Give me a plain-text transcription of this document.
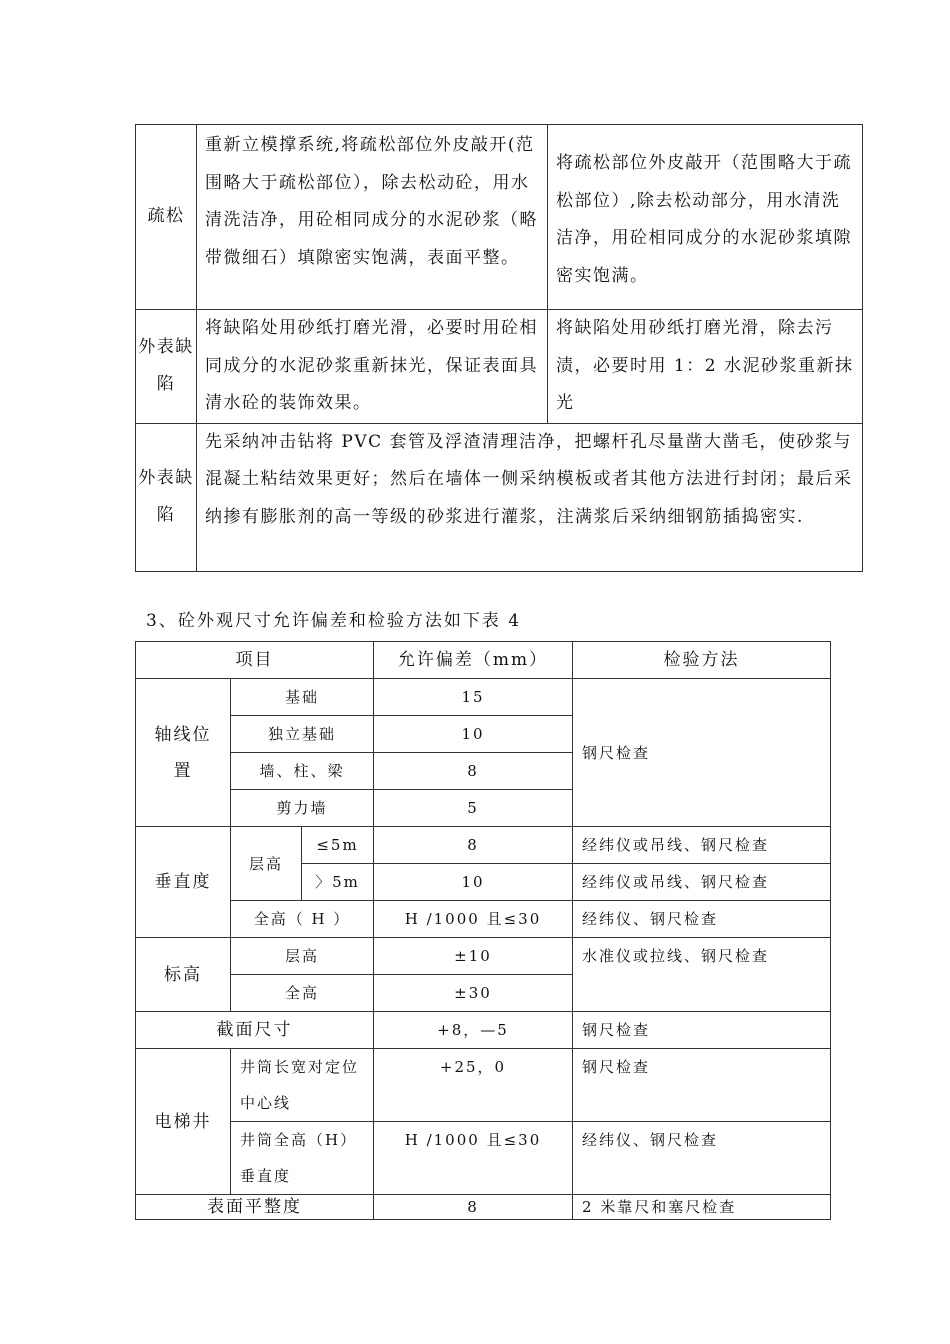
疏松	重新立模撑系统,将疏松部位外皮敲开(范围略大于疏松部位），除去松动砼，用水清洗洁净，用砼相同成分的水泥砂浆（略带微细石）填隙密实饱满，表面平整。	将疏松部位外皮敲开（范围略大于疏松部位）,除去松动部分，用水清洗洁净，用砼相同成分的水泥砂浆填隙密实饱满。
外表缺陷	将缺陷处用砂纸打磨光滑，必要时用砼相同成分的水泥砂浆重新抹光，保证表面具清水砼的装饰效果。	将缺陷处用砂纸打磨光滑，除去污渍，必要时用 1：2 水泥砂浆重新抹光
外表缺陷	先采纳冲击钻将 PVC 套管及浮渣清理洁净，把螺杆孔尽量凿大凿毛，使砂浆与混凝土粘结效果更好；然后在墙体一侧采纳模板或者其他方法进行封闭；最后采纳掺有膨胀剂的高一等级的砂浆进行灌浆，注满浆后采纳细钢筋插捣密实.	
3、砼外观尺寸允许偏差和检验方法如下表 4
项目			允许偏差（mm）	检验方法
轴线位置	基础		15	钢尺检查
	独立基础		10	
	墙、柱、梁		8	
	剪力墙		5	
垂直度	层高	≤5m	8	经纬仪或吊线、钢尺检查
		〉5m	10	经纬仪或吊线、钢尺检查
	全高（ H ）		H /1000 且≤30	经纬仪、钢尺检查
标高	层高		±10	水准仪或拉线、钢尺检查
	全高		±30	
截面尺寸			+8，—5	钢尺检查
电梯井	井筒长宽对定位中心线		+25，0	钢尺检查
	井筒全高（H）垂直度		H /1000 且≤30	经纬仪、钢尺检查
表面平整度			8	2 米靠尺和塞尺检查
